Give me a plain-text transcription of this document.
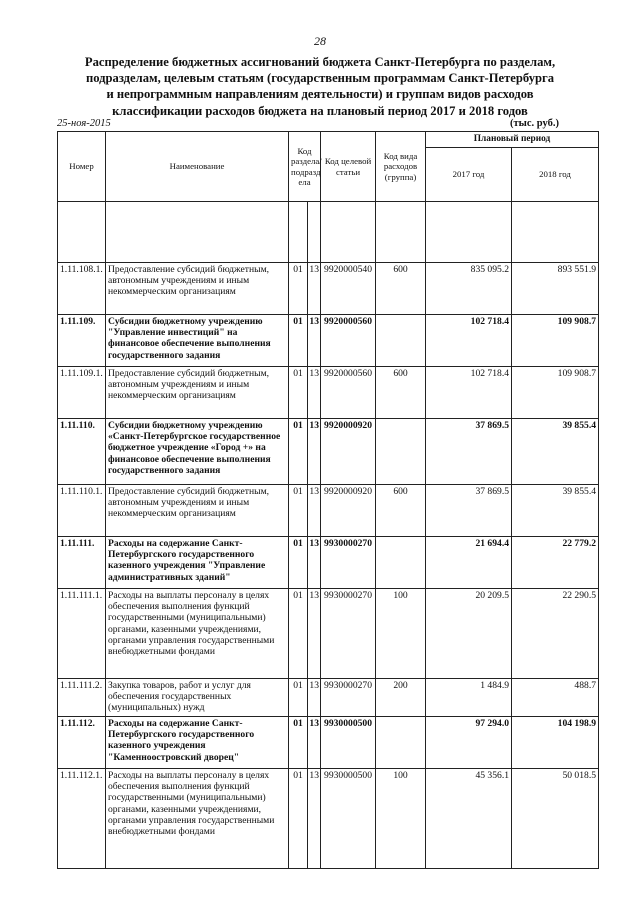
28
Распределение бюджетных ассигнований бюджета Санкт-Петербурга по разделам,
подразделам, целевым статьям (государственным программам Санкт-Петербурга
и непрограммным направлениям деятельности) и группам видов расходов
классификации расходов бюджета на плановый период 2017 и 2018 годов
25-ноя-2015	(тыс. руб.)
Номер	Наименование	Код раздела/ подразд ела		Код целевой статьи	Код вида расходов (группа)	Плановый период	
						2017 год	2018 год

1.11.108.1.	Предоставление субсидий бюджетным, автономным учреждениям и иным некоммерческим организациям	01	13	9920000540	600	835 095.2	893 551.9
1.11.109.	Субсидии бюджетному учреждению "Управление инвестиций" на финансовое обеспечение выполнения государственного задания	01	13	9920000560		102 718.4	109 908.7
1.11.109.1.	Предоставление субсидий бюджетным, автономным учреждениям и иным некоммерческим организациям	01	13	9920000560	600	102 718.4	109 908.7
1.11.110.	Субсидии бюджетному учреждению «Санкт-Петербургское государственное бюджетное учреждение «Город +» на финансовое обеспечение выполнения государственного задания	01	13	9920000920		37 869.5	39 855.4
1.11.110.1.	Предоставление субсидий бюджетным, автономным учреждениям и иным некоммерческим организациям	01	13	9920000920	600	37 869.5	39 855.4
1.11.111.	Расходы на содержание Санкт-Петербургского государственного казенного учреждения "Управление административных зданий"	01	13	9930000270		21 694.4	22 779.2
1.11.111.1.	Расходы на выплаты персоналу в целях обеспечения выполнения функций государственными (муниципальными) органами, казенными учреждениями, органами управления государственными внебюджетными фондами	01	13	9930000270	100	20 209.5	22 290.5
1.11.111.2.	Закупка товаров, работ и услуг для обеспечения государственных (муниципальных) нужд	01	13	9930000270	200	1 484.9	488.7
1.11.112.	Расходы на содержание Санкт-Петербургского государственного казенного учреждения "Каменноостровский дворец"	01	13	9930000500		97 294.0	104 198.9
1.11.112.1.	Расходы на выплаты персоналу в целях обеспечения выполнения функций государственными (муниципальными) органами, казенными учреждениями, органами управления государственными внебюджетными фондами	01	13	9930000500	100	45 356.1	50 018.5
